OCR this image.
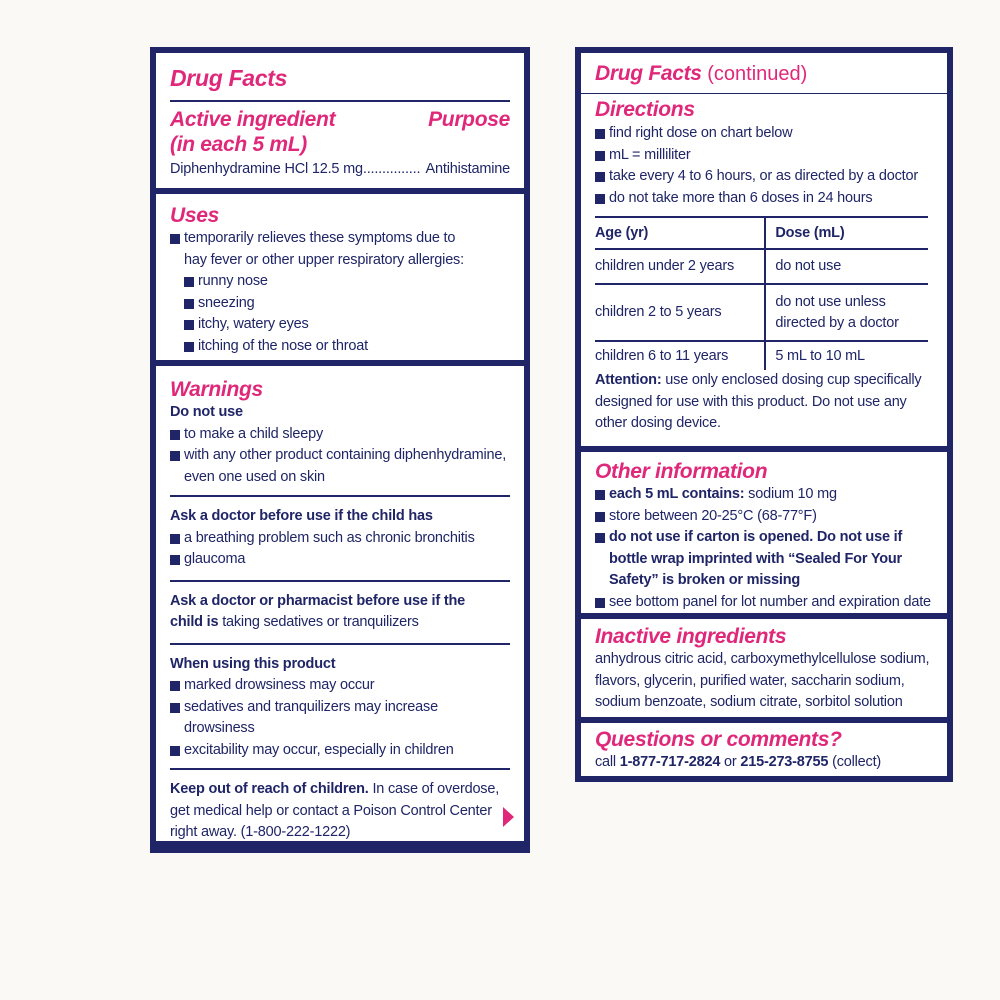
Drug Facts
Active ingredient	Purpose
(in each 5 mL)
Diphenhydramine HCl 12.5 mg............... Antihistamine
Uses
temporarily relieves these symptoms due to
hay fever or other upper respiratory allergies:
runny nose
sneezing
itchy, watery eyes
itching of the nose or throat
Warnings
Do not use
to make a child sleepy
with any other product containing diphenhydramine,
even one used on skin
Ask a doctor before use if the child has
a breathing problem such as chronic bronchitis
glaucoma
Ask a doctor or pharmacist before use if the
child is taking sedatives or tranquilizers
When using this product
marked drowsiness may occur
sedatives and tranquilizers may increase drowsiness
excitability may occur, especially in children
Keep out of reach of children. In case of overdose,
get medical help or contact a Poison Control Center
right away. (1-800-222-1222)
Drug Facts (continued)
Directions
find right dose on chart below
mL = milliliter
take every 4 to 6 hours, or as directed by a doctor
do not take more than 6 doses in 24 hours
Age (yr)	Dose (mL)
children under 2 years	do not use
children 2 to 5 years	do not use unless
directed by a doctor

children 6 to 11 years	5 mL to 10 mL
Attention: use only enclosed dosing cup specifically
designed for use with this product. Do not use any
other dosing device.
Other information
each 5 mL contains: sodium 10 mg
store between 20-25°C (68-77°F)
do not use if carton is opened. Do not use if
bottle wrap imprinted with “Sealed For Your
Safety” is broken or missing
see bottom panel for lot number and expiration date
Inactive ingredients
anhydrous citric acid, carboxymethylcellulose sodium,
flavors, glycerin, purified water, saccharin sodium,
sodium benzoate, sodium citrate, sorbitol solution
Questions or comments?
call 1-877-717-2824 or 215-273-8755 (collect)
